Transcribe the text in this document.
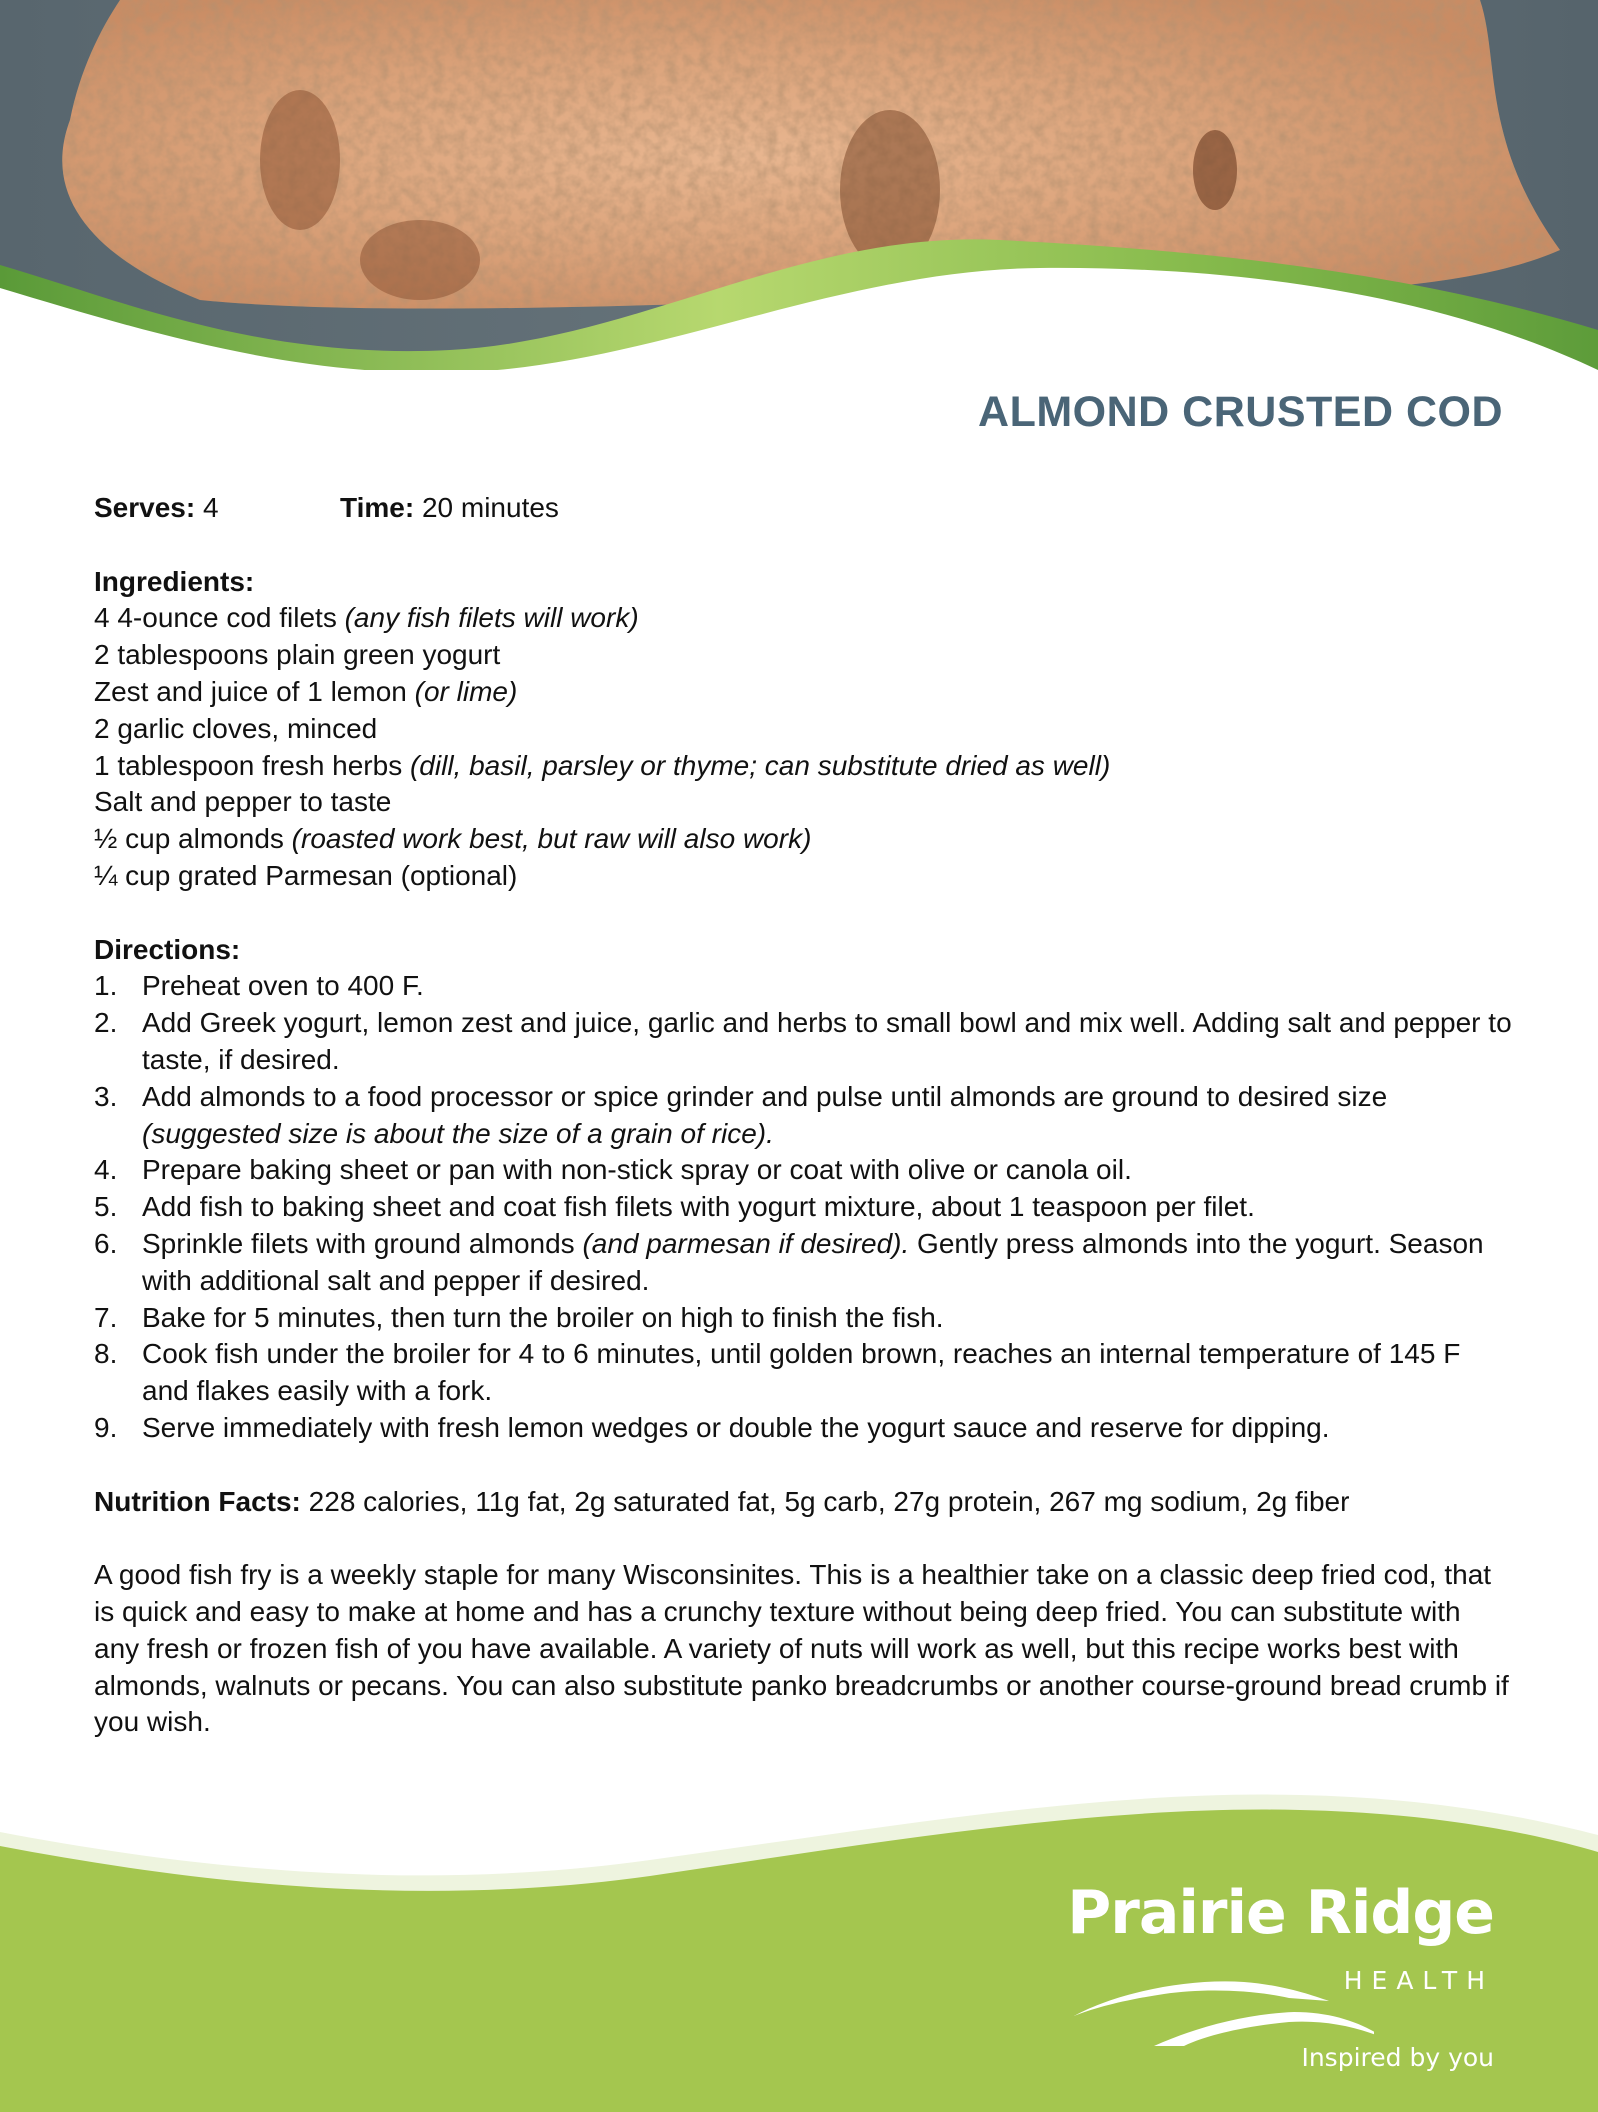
ALMOND CRUSTED COD

Serves: 4	Time: 20 minutes

Ingredients:

4 4-ounce cod filets (any fish filets will work)

2 tablespoons plain green yogurt

Zest and juice of 1 lemon (or lime)

2 garlic cloves, minced

1 tablespoon fresh herbs (dill, basil, parsley or thyme; can substitute dried as well)

Salt and pepper to taste

½ cup almonds (roasted work best, but raw will also work)

¼ cup grated Parmesan (optional)

Directions:

1. Preheat oven to 400 F.
2. Add Greek yogurt, lemon zest and juice, garlic and herbs to small bowl and mix well. Adding salt and pepper to taste, if desired.
3. Add almonds to a food processor or spice grinder and pulse until almonds are ground to desired size (suggested size is about the size of a grain of rice).
4. Prepare baking sheet or pan with non-stick spray or coat with olive or canola oil.
5. Add fish to baking sheet and coat fish filets with yogurt mixture, about 1 teaspoon per filet.
6. Sprinkle filets with ground almonds (and parmesan if desired). Gently press almonds into the yogurt. Season with additional salt and pepper if desired.
7. Bake for 5 minutes, then turn the broiler on high to finish the fish.
8. Cook fish under the broiler for 4 to 6 minutes, until golden brown, reaches an internal temperature of 145 F and flakes easily with a fork.
9. Serve immediately with fresh lemon wedges or double the yogurt sauce and reserve for dipping.

Nutrition Facts: 228 calories, 11g fat, 2g saturated fat, 5g carb, 27g protein, 267 mg sodium, 2g fiber

A good fish fry is a weekly staple for many Wisconsinites. This is a healthier take on a classic deep fried cod, that is quick and easy to make at home and has a crunchy texture without being deep fried. You can substitute with any fresh or frozen fish of you have available. A variety of nuts will work as well, but this recipe works best with almonds, walnuts or pecans. You can also substitute panko breadcrumbs or another course-ground bread crumb if you wish.

Prairie Ridge
HEALTH
Inspired by you
